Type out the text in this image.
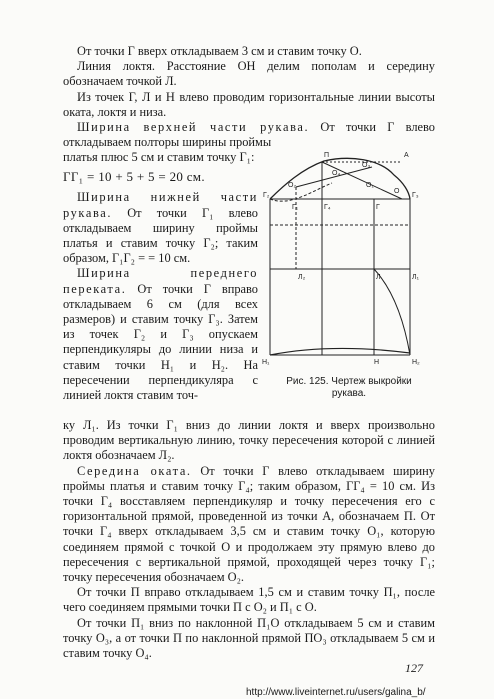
От точки Г вверх откладываем 3 см и ставим точку О.

Линия локтя. Расстояние ОН делим пополам и середину обозначаем точкой Л.

Из точек Г, Л и Н влево проводим горизонтальные линии высоты оката, локтя и низа.

Ширина верхней части рукава. От точки Г влево откладываем полторы ширины проймы

платья плюс 5 см и ставим точку Г₁:

ГГ₁ = 10 + 5 + 5 = 20 см.

Ширина нижней части рукава. От точки Г₁ влево откладываем ширину проймы платья и ставим точку Г₂; таким образом, Г₁Г₂ = = 10 см.

Ширина переднего переката. От точки Г вправо откладываем 6 см (для всех размеров) и ставим точку Г₃. Затем из точек Г₂ и Г₃ опускаем перпендикуляры до линии низа и ставим точки Н₁ и Н₂. На пересечении перпендикуляра с линией локтя ставим точ-

ку Л₁. Из точки Г₁ вниз до линии локтя и вверх произвольно проводим вертикальную линию, точку пересечения которой с линией локтя обозначаем Л₂.

Середина оката. От точки Г влево откладываем ширину проймы платья и ставим точку Г₄; таким образом, ГГ₄ = 10 см. Из точки Г₄ восставляем перпендикуляр и точку пересечения его с горизонтальной прямой, проведенной из точки А, обозначаем П. От точки Г₄ вверх откладываем 3,5 см и ставим точку О₁, которую соединяем прямой с точкой О и продолжаем эту прямую влево до пересечения с вертикальной прямой, проходящей через точку Г₁; точку пересечения обозначаем О₂.

От точки П вправо откладываем 1,5 см и ставим точку П₁, после чего соединяем прямыми точки П с О₂ и П₁ с О.

От точки П₁ вниз по наклонной П₁О откладываем 5 см и ставим точку О₃, а от точки П по наклонной прямой ПО₃ откладываем 5 см и ставим точку О₄.

П
О₄
О₂
О₃
О₁
О
А
Г₂
Г₁	Г₄	Г
Г₃
Л₂	Л	Л₁
Н₁	Н	Н₂
Рис. 125. Чертеж выкройки
рукава.
127
http://www.liveinternet.ru/users/galina_b/
